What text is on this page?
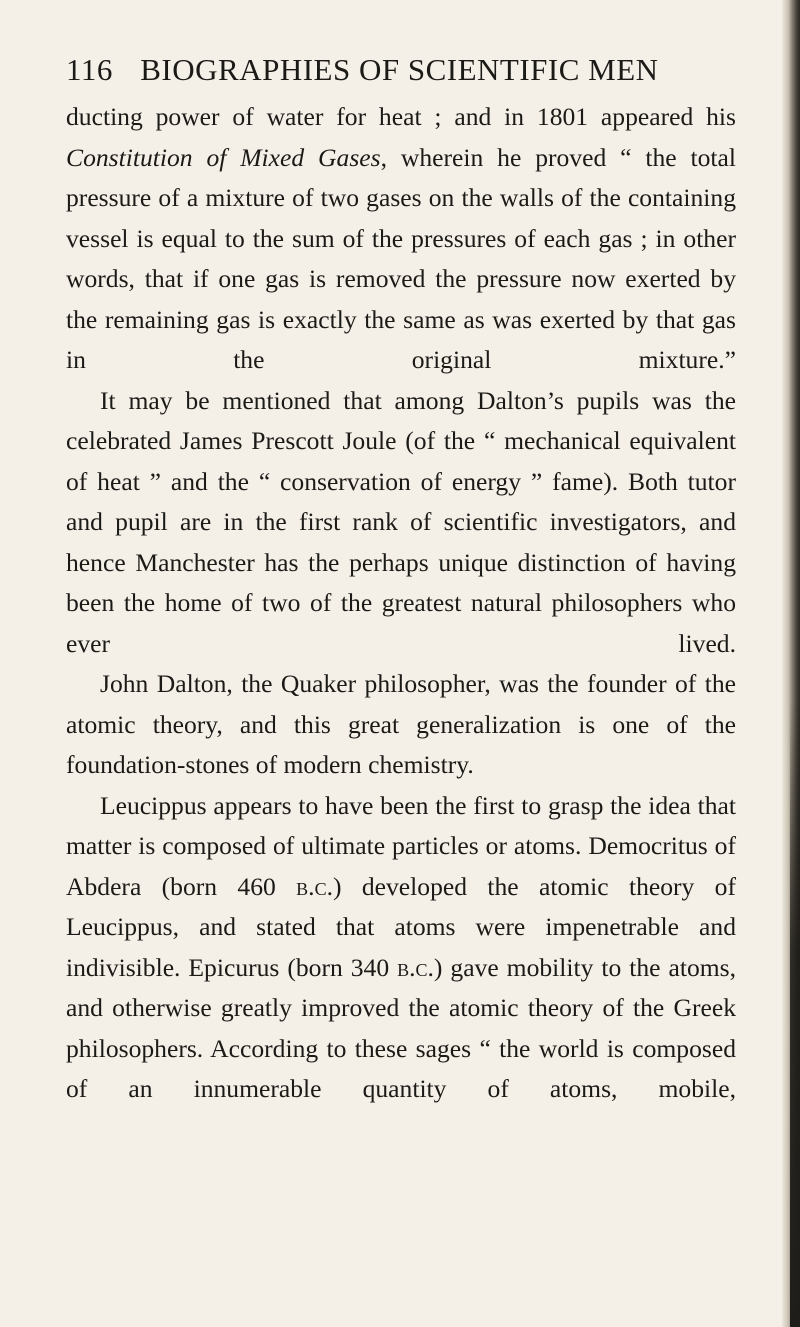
116 BIOGRAPHIES OF SCIENTIFIC MEN

ducting power of water for heat ; and in 1801 appeared his Constitution of Mixed Gases, wherein he proved “ the total pressure of a mixture of two gases on the walls of the containing vessel is equal to the sum of the pressures of each gas ; in other words, that if one gas is removed the pressure now exerted by the remaining gas is exactly the same as was exerted by that gas in the original mixture.”

It may be mentioned that among Dalton’s pupils was the celebrated James Prescott Joule (of the “ mechanical equivalent of heat ” and the “ conservation of energy ” fame). Both tutor and pupil are in the first rank of scientific investigators, and hence Manchester has the perhaps unique distinction of having been the home of two of the greatest natural philosophers who ever lived.

John Dalton, the Quaker philosopher, was the founder of the atomic theory, and this great generalization is one of the foundation-stones of modern chemistry.

Leucippus appears to have been the first to grasp the idea that matter is composed of ultimate particles or atoms. Democritus of Abdera (born 460 b.c.) developed the atomic theory of Leucippus, and stated that atoms were impenetrable and indivisible. Epicurus (born 340 b.c.) gave mobility to the atoms, and otherwise greatly improved the atomic theory of the Greek philosophers. According to these sages “ the world is composed of an innumerable quantity of atoms, mobile,
